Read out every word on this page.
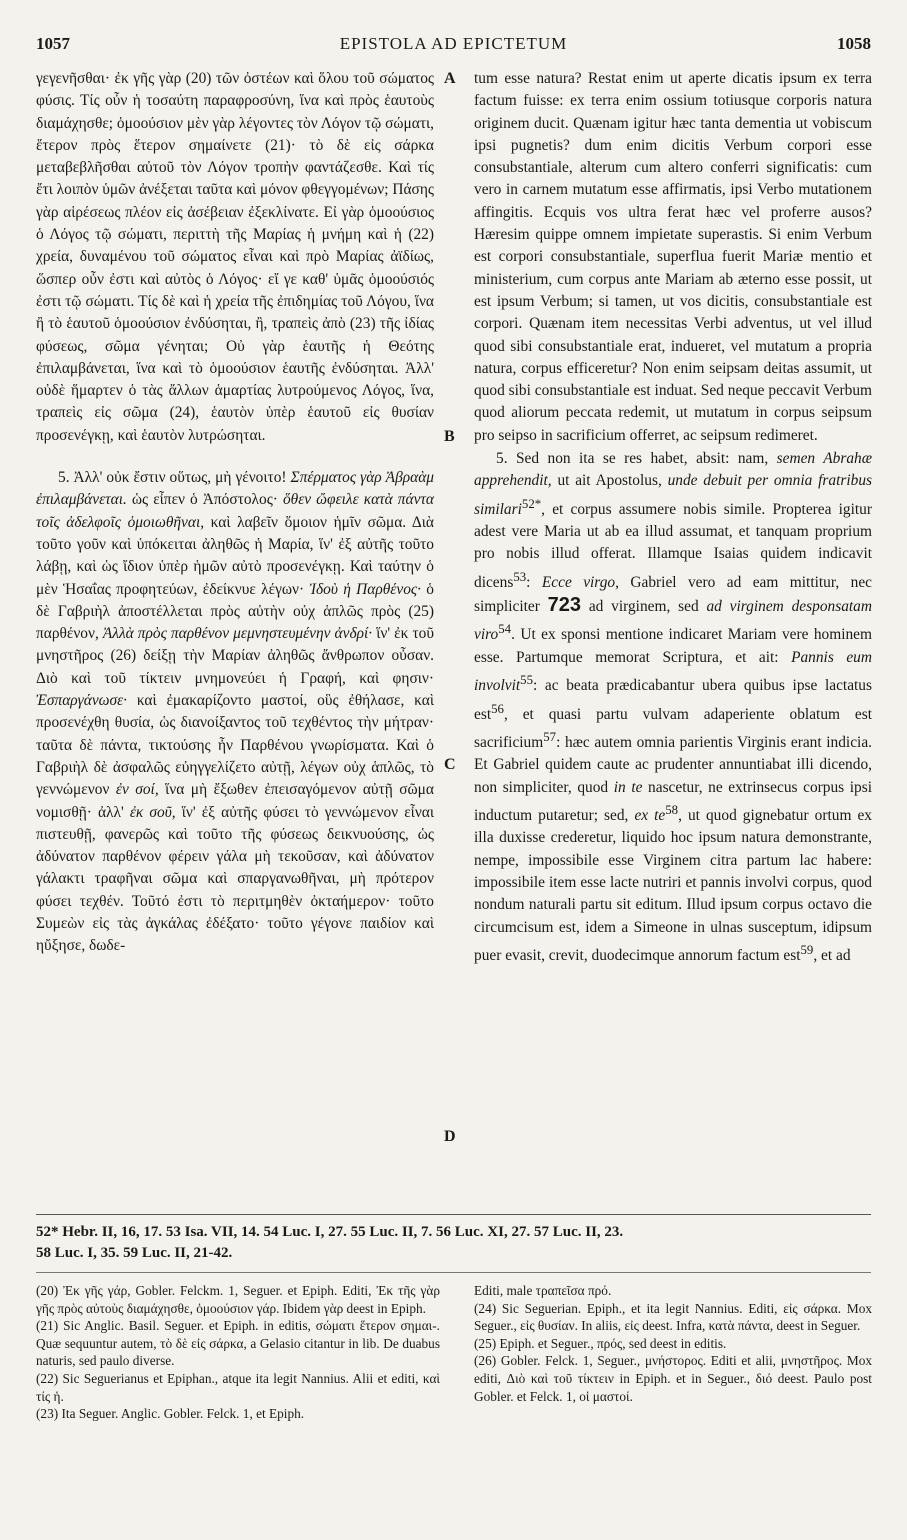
1057	EPISTOLA AD EPICTETUM	1058
A
B
C
D

γεγενῆσθαι· ἐκ γῆς γὰρ (20) τῶν ὀστέων καὶ ὅλου τοῦ σώματος φύσις. Τίς οὖν ἡ τοσαύτη παραφροσύνη, ἵνα καὶ πρὸς ἑαυτοὺς διαμάχησθε; ὁμοούσιον μὲν γὰρ λέγοντες τὸν Λόγον τῷ σώματι, ἕτερον πρὸς ἕτερον σημαίνετε (21)· τὸ δὲ εἰς σάρκα μεταβεβλῆσθαι αὐτοῦ τὸν Λόγον τροπὴν φαντάζεσθε. Καὶ τίς ἔτι λοιπὸν ὑμῶν ἀνέξεται ταῦτα καὶ μόνον φθεγγομένων; Πάσης γὰρ αἱρέσεως πλέον εἰς ἀσέβειαν ἐξεκλίνατε. Εἰ γὰρ ὁμοούσιος ὁ Λόγος τῷ σώματι, περιττὴ τῆς Μαρίας ἡ μνήμη καὶ ἡ (22) χρεία, δυναμένου τοῦ σώματος εἶναι καὶ πρὸ Μαρίας ἀϊδίως, ὥσπερ οὖν ἐστι καὶ αὐτὸς ὁ Λόγος· εἴ γε καθ' ὑμᾶς ὁμοούσιός ἐστι τῷ σώματι. Τίς δὲ καὶ ἡ χρεία τῆς ἐπιδημίας τοῦ Λόγου, ἵνα ἢ τὸ ἑαυτοῦ ὁμοούσιον ἐνδύσηται, ἢ, τραπεὶς ἀπὸ (23) τῆς ἰδίας φύσεως, σῶμα γένηται; Οὐ γὰρ ἑαυτῆς ἡ Θεότης ἐπιλαμβάνεται, ἵνα καὶ τὸ ὁμοούσιον ἑαυτῆς ἐνδύσηται. Ἀλλ' οὐδὲ ἥμαρτεν ὁ τὰς ἄλλων ἁμαρτίας λυτρούμενος Λόγος, ἵνα, τραπεὶς εἰς σῶμα (24), ἑαυτὸν ὑπὲρ ἑαυτοῦ εἰς θυσίαν προσενέγκῃ, καὶ ἑαυτὸν λυτρώσηται.

5. Ἀλλ' οὐκ ἔστιν οὕτως, μὴ γένοιτο! Σπέρματος γὰρ Ἀβραὰμ ἐπιλαμβάνεται. ὡς εἶπεν ὁ Ἀπόστολος· ὅθεν ὤφειλε κατὰ πάντα τοῖς ἀδελφοῖς ὁμοιωθῆναι, καὶ λαβεῖν ὅμοιον ἡμῖν σῶμα. Διὰ τοῦτο γοῦν καὶ ὑπόκειται ἀληθῶς ἡ Μαρία, ἵν' ἐξ αὐτῆς τοῦτο λάβῃ, καὶ ὡς ἴδιον ὑπὲρ ἡμῶν αὐτὸ προσενέγκῃ. Καὶ ταύτην ὁ μὲν Ἡσαΐας προφητεύων, ἐδείκνυε λέγων· Ἰδοὺ ἡ Παρθένος· ὁ δὲ Γαβριὴλ ἀποστέλλεται πρὸς αὐτὴν οὐχ ἁπλῶς πρὸς (25) παρθένον, Ἀλλὰ πρὸς παρθένον μεμνηστευμένην ἀνδρί· ἵν' ἐκ τοῦ μνηστῆρος (26) δείξῃ τὴν Μαρίαν ἀληθῶς ἄνθρωπον οὖσαν. Διὸ καὶ τοῦ τίκτειν μνημονεύει ἡ Γραφή, καὶ φησιν· Ἐσπαργάνωσε· καὶ ἐμακαρίζοντο μαστοί, οὓς ἐθήλασε, καὶ προσενέχθη θυσία, ὡς διανοίξαντος τοῦ τεχθέντος τὴν μήτραν· ταῦτα δὲ πάντα, τικτούσης ἦν Παρθένου γνωρίσματα. Καὶ ὁ Γαβριὴλ δὲ ἀσφαλῶς εὐηγγελίζετο αὐτῇ, λέγων οὐχ ἁπλῶς, τὸ γεννώμενον ἐν σοί, ἵνα μὴ ἔξωθεν ἐπεισαγόμενον αὐτῇ σῶμα νομισθῇ· ἀλλ' ἐκ σοῦ, ἵν' ἐξ αὐτῆς φύσει τὸ γεννώμενον εἶναι πιστευθῇ, φανερῶς καὶ τοῦτο τῆς φύσεως δεικνυούσης, ὡς ἀδύνατον παρθένον φέρειν γάλα μὴ τεκοῦσαν, καὶ ἀδύνατον γάλακτι τραφῆναι σῶμα καὶ σπαργανωθῆναι, μὴ πρότερον φύσει τεχθέν. Τοῦτό ἐστι τὸ περιτμηθὲν ὀκταήμερον· τοῦτο Συμεὼν εἰς τὰς ἀγκάλας ἐδέξατο· τοῦτο γέγονε παιδίον καὶ ηὔξησε, δωδε-

tum esse natura? Restat enim ut aperte dicatis ipsum ex terra factum fuisse: ex terra enim ossium totiusque corporis natura originem ducit. Quænam igitur hæc tanta dementia ut vobiscum ipsi pugnetis? dum enim dicitis Verbum corpori esse consubstantiale, alterum cum altero conferri significatis: cum vero in carnem mutatum esse affirmatis, ipsi Verbo mutationem affingitis. Ecquis vos ultra ferat hæc vel proferre ausos? Hæresim quippe omnem impietate superastis. Si enim Verbum est corpori consubstantiale, superflua fuerit Mariæ mentio et ministerium, cum corpus ante Mariam ab æterno esse possit, ut est ipsum Verbum; si tamen, ut vos dicitis, consubstantiale est corpori. Quænam item necessitas Verbi adventus, ut vel illud quod sibi consubstantiale erat, indueret, vel mutatum a propria natura, corpus efficeretur? Non enim seipsam deitas assumit, ut quod sibi consubstantiale est induat. Sed neque peccavit Verbum quod aliorum peccata redemit, ut mutatum in corpus seipsum pro seipso in sacrificium offerret, ac seipsum redimeret.

5. Sed non ita se res habet, absit: nam, semen Abrahæ apprehendit, ut ait Apostolus, unde debuit per omnia fratribus similari$^{52*}$, et corpus assumere nobis simile. Propterea igitur adest vere Maria ut ab ea illud assumat, et tanquam proprium pro nobis illud offerat. Illamque Isaias quidem indicavit dicens$^{53}$: Ecce virgo, Gabriel vero ad eam mittitur, nec simpliciter 723 ad virginem, sed ad virginem desponsatam viro$^{54}$. Ut ex sponsi mentione indicaret Mariam vere hominem esse. Partumque memorat Scriptura, et ait: Pannis eum involvit$^{55}$: ac beata prædicabantur ubera quibus ipse lactatus est$^{56}$, et quasi partu vulvam adaperiente oblatum est sacrificium$^{57}$: hæc autem omnia parientis Virginis erant indicia. Et Gabriel quidem caute ac prudenter annuntiabat illi dicendo, non simpliciter, quod in te nascetur, ne extrinsecus corpus ipsi inductum putaretur; sed, ex $te^{58}$, ut quod gignebatur ortum ex illa duxisse crederetur, liquido hoc ipsum natura demonstrante, nempe, impossibile esse Virginem citra partum lac habere: impossibile item esse lacte nutriri et pannis involvi corpus, quod nondum naturali partu sit editum. Illud ipsum corpus octavo die circumcisum est, idem a Simeone in ulnas susceptum, idipsum puer evasit, crevit, duodecimque annorum factum est$^{59}$, et ad

52* Hebr. II, 16, 17. 53 Isa. VII, 14. 54 Luc. I, 27. 55 Luc. II, 7. 56 Luc. XI, 27. 57 Luc. II, 23.
58 Luc. I, 35. 59 Luc. II, 21-42.

(20) Ἐκ γῆς γάρ, Gobler. Felckm. 1, Seguer. et Epiph. Editi, Ἐκ τῆς γὰρ γῆς πρὸς αὐτοὺς διαμάχησθε, ὁμοούσιον γάρ. Ibidem γὰρ deest in Epiph.

(21) Sic Anglic. Basil. Seguer. et Epiph. in editis, σώματι ἕτερον σημαι-. Quæ sequuntur autem, τὸ δὲ εἰς σάρκα, a Gelasio citantur in lib. De duabus naturis, sed paulo diverse.

(22) Sic Seguerianus et Epiphan., atque ita legit Nannius. Alii et editi, καὶ τίς ἡ.

(23) Ita Seguer. Anglic. Gobler. Felck. 1, et Epiph.

Editi, male τραπεῖσα πρό.

(24) Sic Seguerian. Epiph., et ita legit Nannius. Editi, εἰς σάρκα. Mox Seguer., εἰς θυσίαν. In aliis, εἰς deest. Infra, κατὰ πάντα, deest in Seguer.

(25) Epiph. et Seguer., πρός, sed deest in editis.

(26) Gobler. Felck. 1, Seguer., μνήστορος. Editi et alii, μνηστῆρος. Mox editi, Διὸ καὶ τοῦ τίκτειν in Epiph. et in Seguer., διό deest. Paulo post Gobler. et Felck. 1, οἱ μαστοί.
